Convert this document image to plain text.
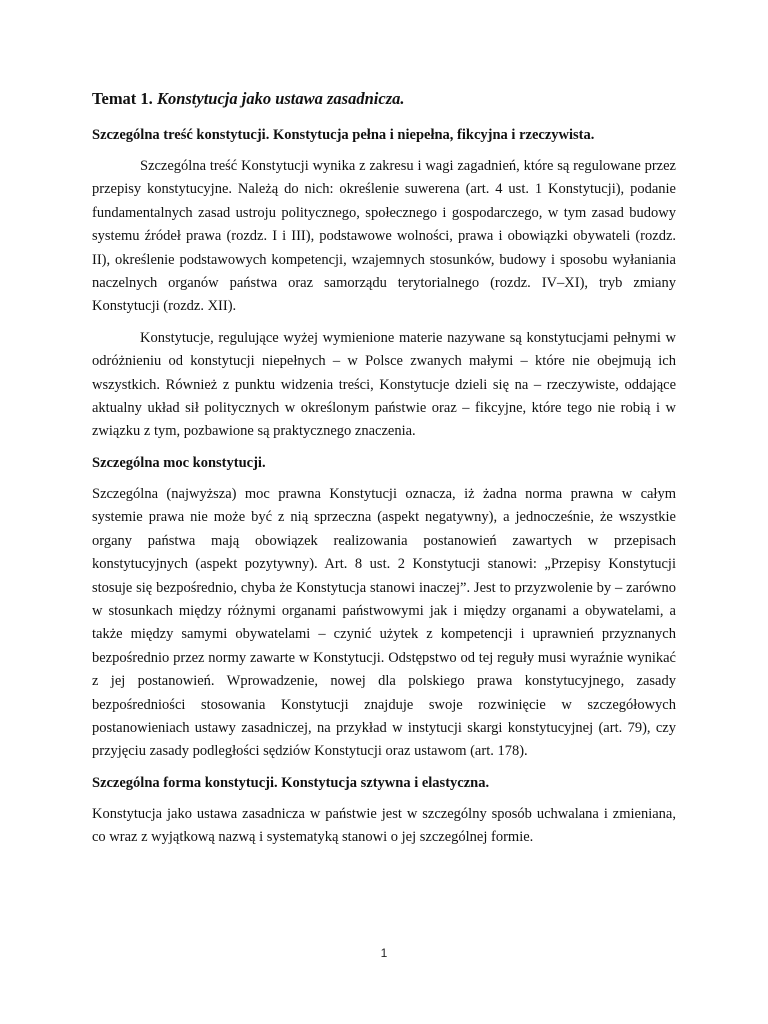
Temat 1. Konstytucja jako ustawa zasadnicza.
Szczególna treść konstytucji. Konstytucja pełna i niepełna, fikcyjna i rzeczywista.

Szczególna treść Konstytucji wynika z zakresu i wagi zagadnień, które są regulowane przez przepisy konstytucyjne. Należą do nich: określenie suwerena (art. 4 ust. 1 Konstytucji), podanie fundamentalnych zasad ustroju politycznego, społecznego i gospodarczego, w tym zasad budowy systemu źródeł prawa (rozdz. I i III), podstawowe wolności, prawa i obowiązki obywateli (rozdz. II), określenie podstawowych kompetencji, wzajemnych stosunków, budowy i sposobu wyłaniania naczelnych organów państwa oraz samorządu terytorialnego (rozdz. IV–XI), tryb zmiany Konstytucji (rozdz. XII).

Konstytucje, regulujące wyżej wymienione materie nazywane są konstytucjami pełnymi w odróżnieniu od konstytucji niepełnych – w Polsce zwanych małymi – które nie obejmują ich wszystkich. Również z punktu widzenia treści, Konstytucje dzieli się na – rzeczywiste, oddające aktualny układ sił politycznych w określonym państwie oraz – fikcyjne, które tego nie robią i w związku z tym, pozbawione są praktycznego znaczenia.

Szczególna moc konstytucji.

Szczególna (najwyższa) moc prawna Konstytucji oznacza, iż żadna norma prawna w całym systemie prawa nie może być z nią sprzeczna (aspekt negatywny), a jednocześnie, że wszystkie organy państwa mają obowiązek realizowania postanowień zawartych w przepisach konstytucyjnych (aspekt pozytywny). Art. 8 ust. 2 Konstytucji stanowi: „Przepisy Konstytucji stosuje się bezpośrednio, chyba że Konstytucja stanowi inaczej”. Jest to przyzwolenie by – zarówno w stosunkach między różnymi organami państwowymi jak i między organami a obywatelami, a także między samymi obywatelami – czynić użytek z kompetencji i uprawnień przyznanych bezpośrednio przez normy zawarte w Konstytucji. Odstępstwo od tej reguły musi wyraźnie wynikać z jej postanowień. Wprowadzenie, nowej dla polskiego prawa konstytucyjnego, zasady bezpośredniości stosowania Konstytucji znajduje swoje rozwinięcie w szczegółowych postanowieniach ustawy zasadniczej, na przykład w instytucji skargi konstytucyjnej (art. 79), czy przyjęciu zasady podległości sędziów Konstytucji oraz ustawom (art. 178).

Szczególna forma konstytucji. Konstytucja sztywna i elastyczna.

Konstytucja jako ustawa zasadnicza w państwie jest w szczególny sposób uchwalana i zmieniana, co wraz z wyjątkową nazwą i systematyką stanowi o jej szczególnej formie.

1
